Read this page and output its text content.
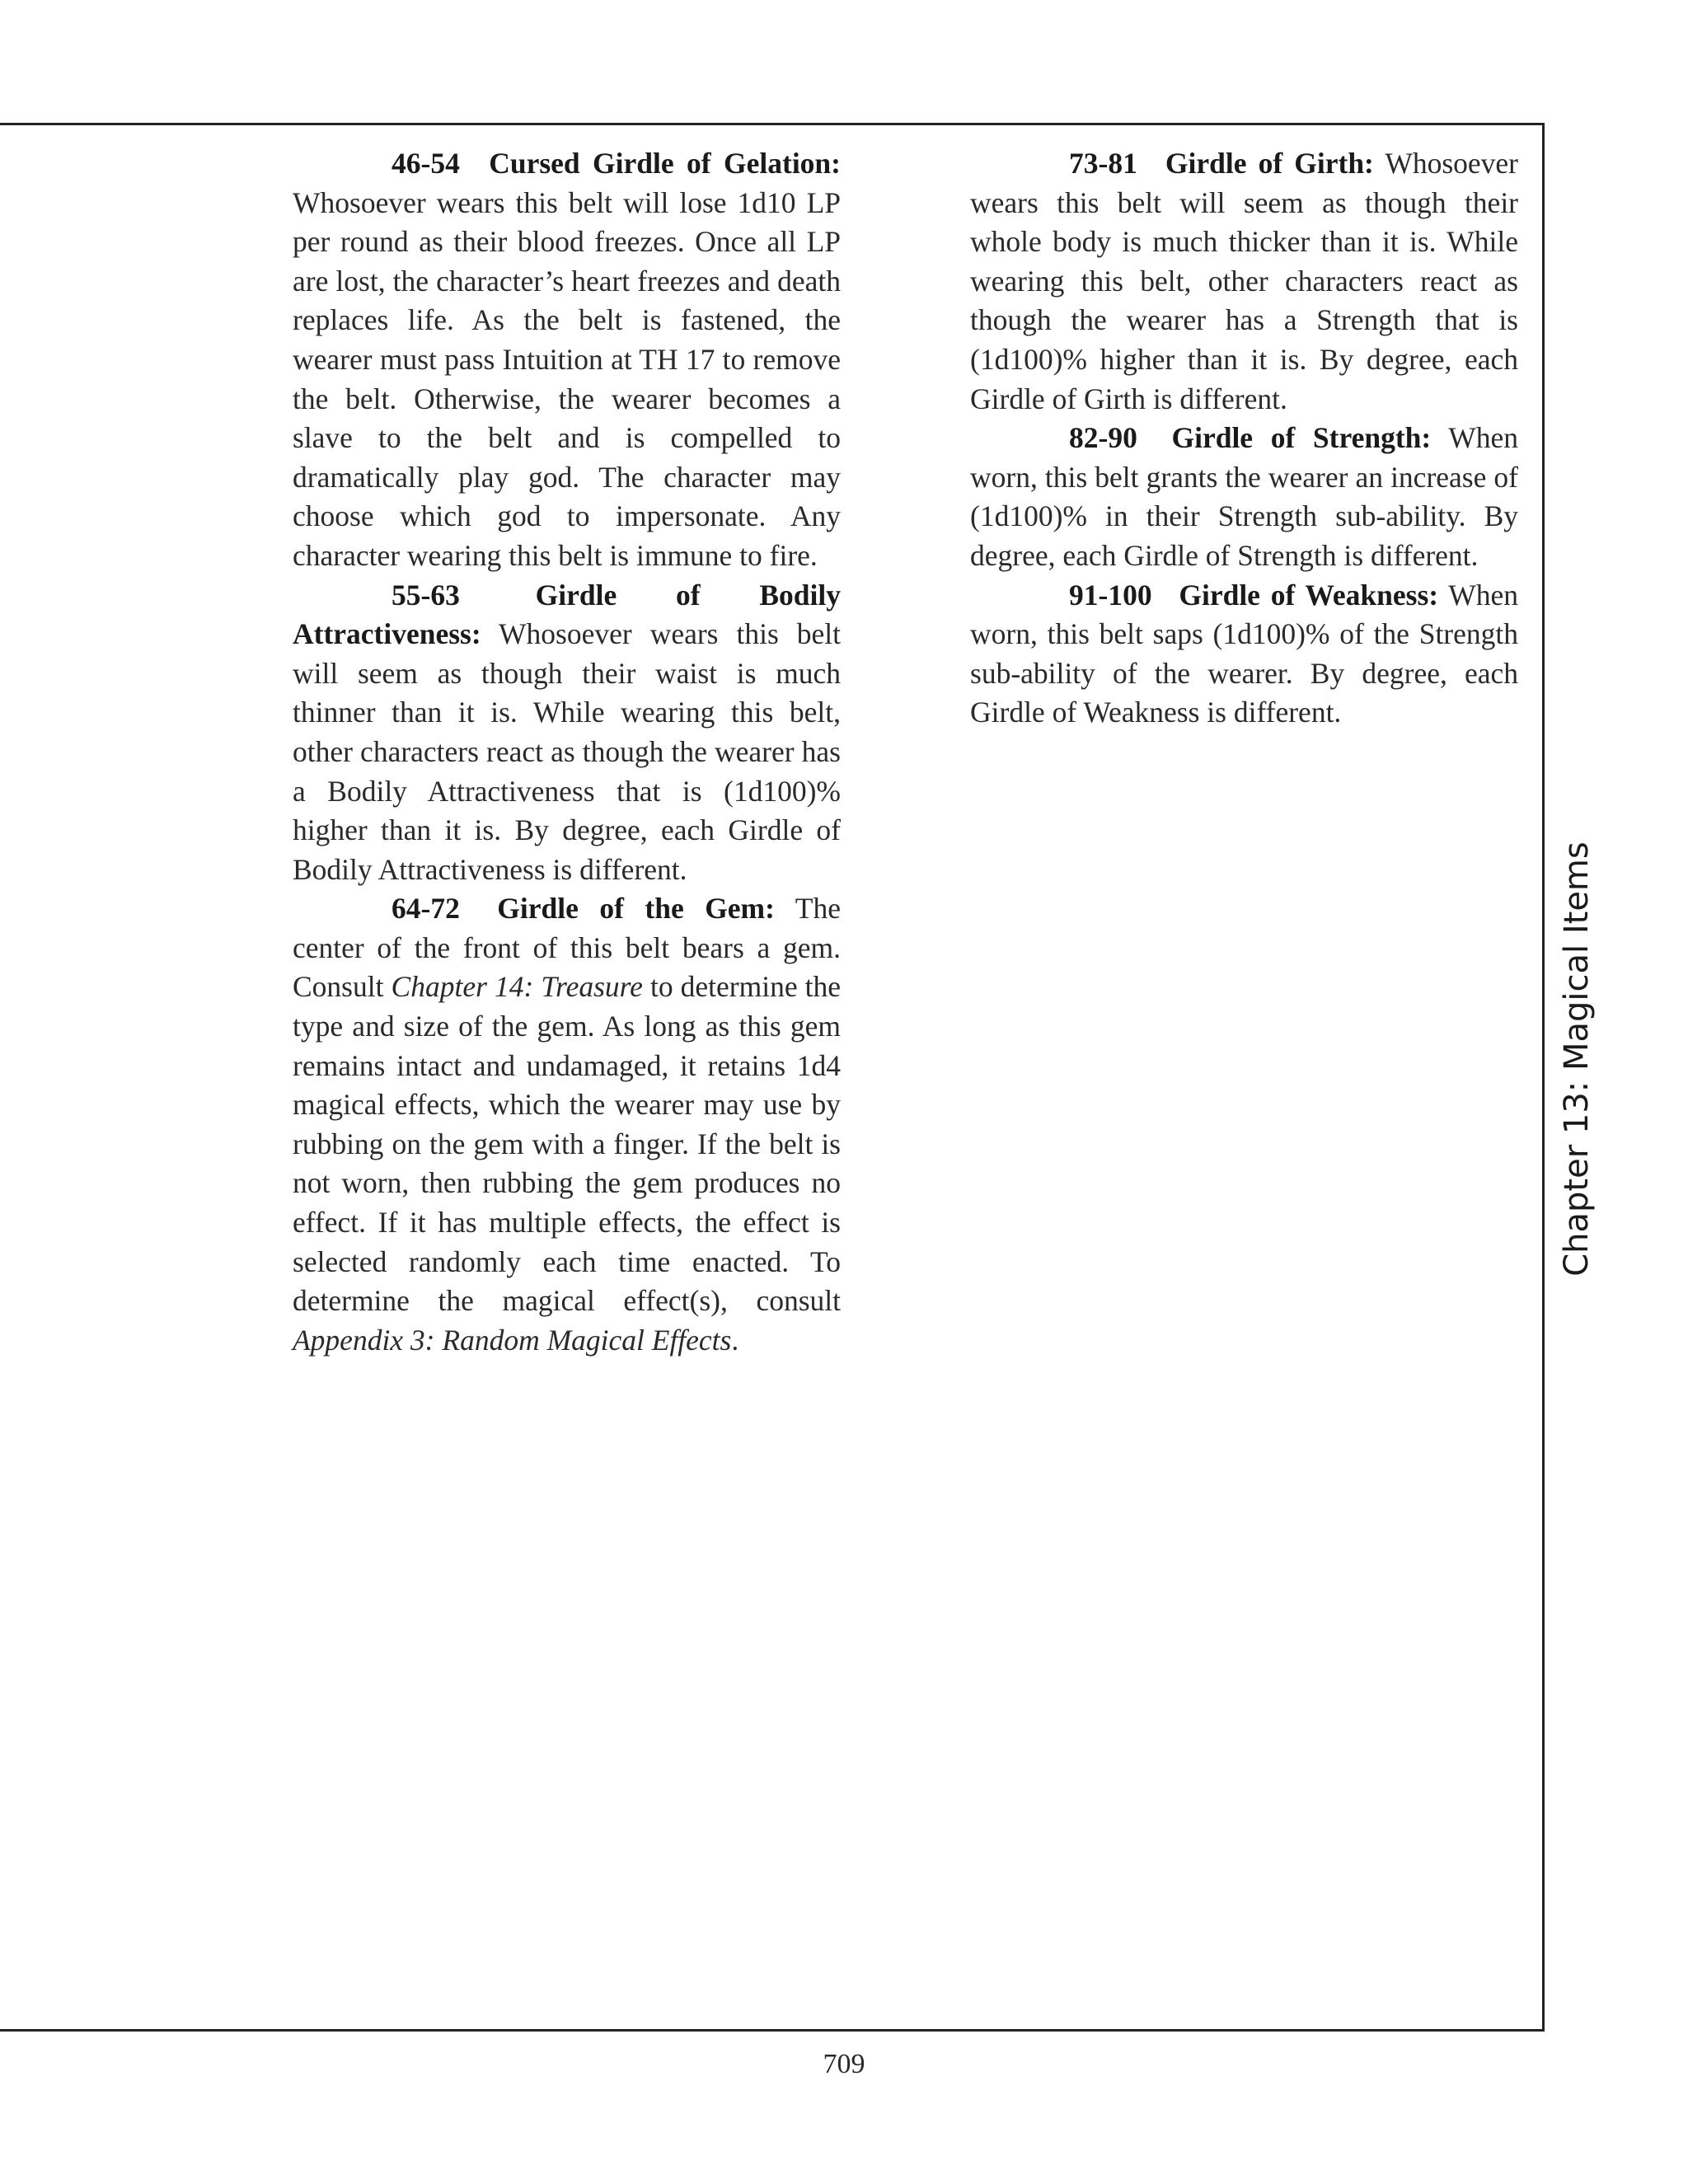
46-54 Cursed Girdle of Gelation: Whosoever wears this belt will lose 1d10 LP per round as their blood freezes. Once all LP are lost, the character’s heart freezes and death replaces life. As the belt is fastened, the wearer must pass Intuition at TH 17 to remove the belt. Otherwise, the wearer becomes a slave to the belt and is compelled to dramatically play god. The character may choose which god to impersonate. Any character wearing this belt is immune to fire.

55-63	Girdle of Bodily Attractiveness: Whosoever wears this belt will seem as though their waist is much thinner than it is. While wearing this belt, other characters react as though the wearer has a Bodily Attractiveness that is (1d100)% higher than it is. By degree, each Girdle of Bodily Attractiveness is different.

64-72 Girdle of the Gem: The center of the front of this belt bears a gem. Consult Chapter 14: Treasure to determine the type and size of the gem. As long as this gem remains intact and undamaged, it retains 1d4 magical effects, which the wearer may use by rubbing on the gem with a finger. If the belt is not worn, then rubbing the gem produces no effect. If it has multiple effects, the effect is selected randomly each time enacted. To determine the magical effect(s), consult Appendix 3: Random Magical Effects.

73-81 Girdle of Girth: Whosoever wears this belt will seem as though their whole body is much thicker than it is. While wearing this belt, other characters react as though the wearer has a Strength that is (1d100)% higher than it is. By degree, each Girdle of Girth is different.

82-90 Girdle of Strength: When worn, this belt grants the wearer an increase of (1d100)% in their Strength sub-ability. By degree, each Girdle of Strength is different.

91-100 Girdle of Weakness: When worn, this belt saps (1d100)% of the Strength sub-ability of the wearer. By degree, each Girdle of Weakness is different.

Chapter 13: Magical Items
709
